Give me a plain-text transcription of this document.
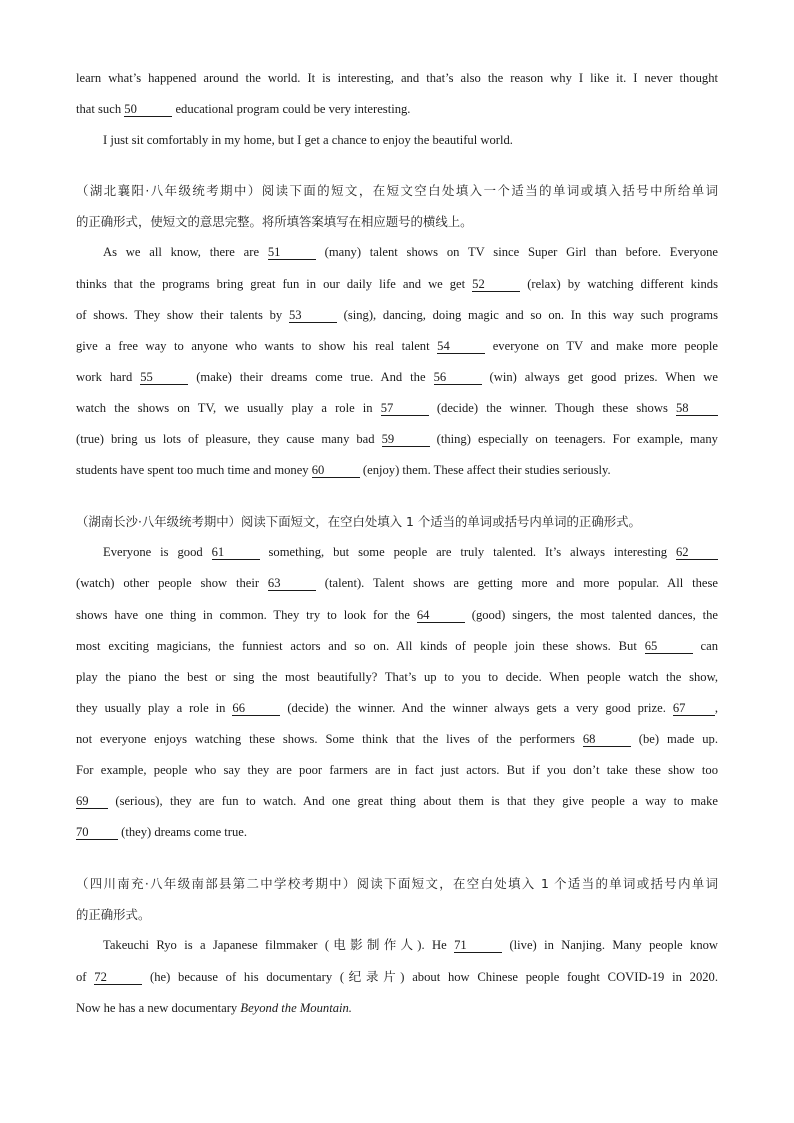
learn what’s happened around the world. It is interesting, and that’s also the reason why I like it. I never thought
that such 50	educational program could be very interesting.
I just sit comfortably in my home, but I get a chance to enjoy the beautiful world.
（湖北襄阳·八年级统考期中）阅读下面的短文，在短文空白处填入一个适当的单词或填入括号中所给单词
的正确形式，使短文的意思完整。将所填答案填写在相应题号的横线上。
As we all know, there are 51	(many) talent shows on TV since Super Girl than before. Everyone
thinks that the programs bring great fun in our daily life and we get 52	(relax) by watching different kinds
of shows. They show their talents by 53	(sing), dancing, doing magic and so on. In this way such programs
give a free way to anyone who wants to show his real talent 54	everyone on TV and make more people
work hard 55	(make) their dreams come true. And the 56	(win) always get good prizes. When we
watch the shows on TV, we usually play a role in 57	(decide) the winner. Though these shows 58
(true) bring us lots of pleasure, they cause many bad 59	(thing) especially on teenagers. For example, many
students have spent too much time and money 60	(enjoy) them. These affect their studies seriously.
（湖南长沙·八年级统考期中）阅读下面短文，在空白处填入 1 个适当的单词或括号内单词的正确形式。
Everyone is good 61	something, but some people are truly talented. It’s always interesting 62
(watch) other people show their 63	(talent). Talent shows are getting more and more popular. All these
shows have one thing in common. They try to look for the 64	(good) singers, the most talented dances, the
most exciting magicians, the funniest actors and so on. All kinds of people join these shows. But 65	can
play the piano the best or sing the most beautifully? That’s up to you to decide. When people watch the show,
they usually play a role in 66	(decide) the winner. And the winner always gets a very good prize. 67 ,
not everyone enjoys watching these shows. Some think that the lives of the performers 68	(be) made up.
For example, people who say they are poor farmers are in fact just actors. But if you don’t take these show too
69 (serious), they are fun to watch. And one great thing about them is that they give people a way to make
70	(they) dreams come true.
（四川南充·八年级南部县第二中学校考期中）阅读下面短文，在空白处填入 1 个适当的单词或括号内单词
的正确形式。
Takeuchi Ryo is a Japanese filmmaker (电影制作人). He 71	(live) in Nanjing. Many people know
of 72	(he) because of his documentary (纪录片) about how Chinese people fought COVID-19 in 2020.
Now he has a new documentary Beyond the Mountain.
